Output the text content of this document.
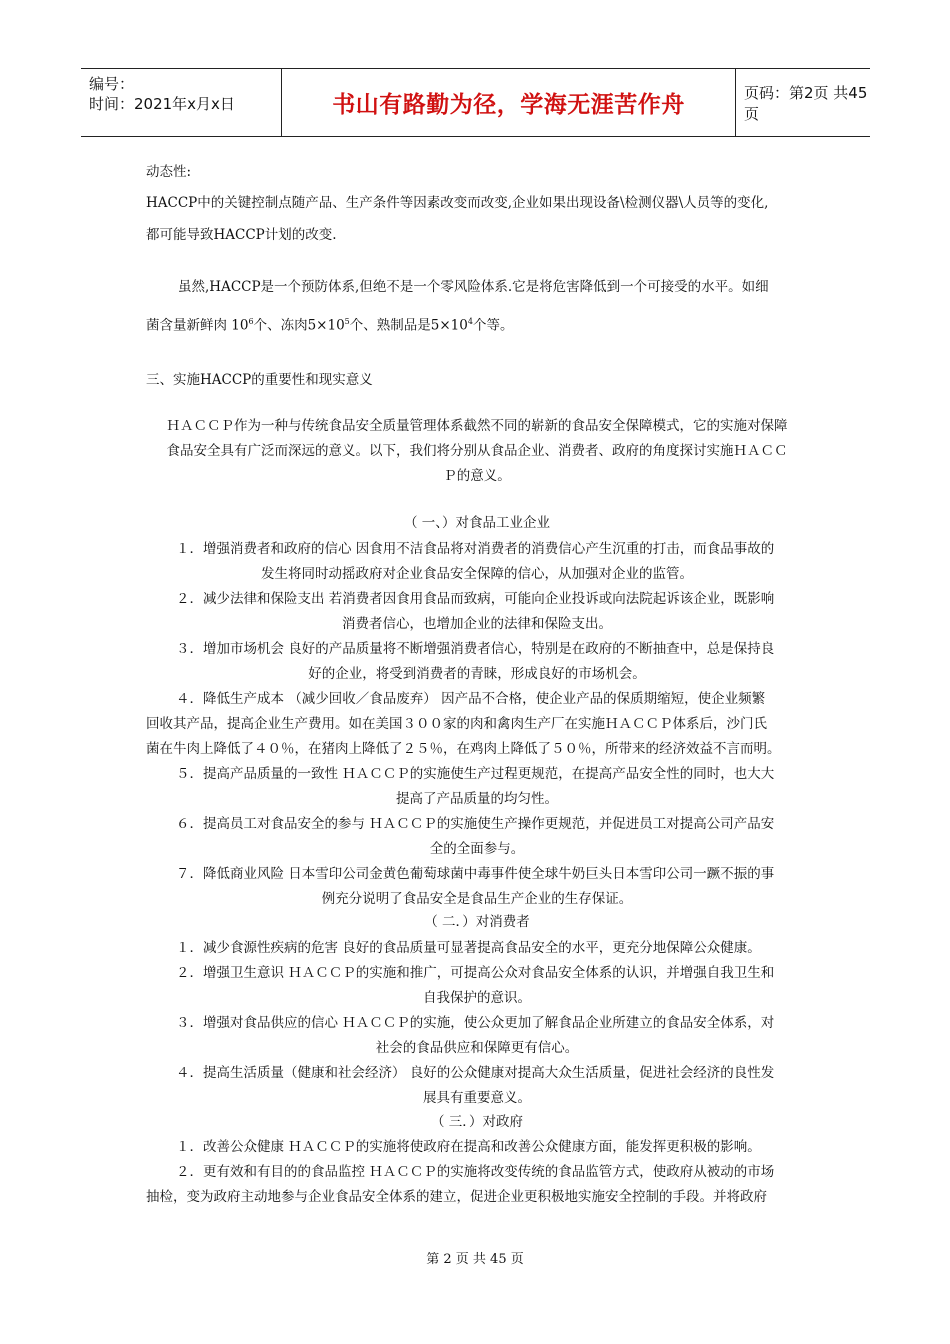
编号：
时间：2021年x月x日	书山有路勤为径，学海无涯苦作舟	页码：第2页 共45页
动态性:
HACCP中的关键控制点随产品、生产条件等因素改变而改变,企业如果出现设备\检测仪器\人员等的变化,
都可能导致HACCP计划的改变.
虽然,HACCP是一个预防体系,但绝不是一个零风险体系.它是将危害降低到一个可接受的水平。如细
菌含量新鲜肉 $10^6$个、冻肉$5\times 10^5$个、熟制品是$5\times 10^4$个等。
三、实施HACCP的重要性和现实意义
ＨＡＣＣＰ作为一种与传统食品安全质量管理体系截然不同的崭新的食品安全保障模式，它的实施对保障
食品安全具有广泛而深远的意义。以下，我们将分别从食品企业、消费者、政府的角度探讨实施ＨＡＣＣ
Ｐ的意义。
（ 一、）对食品工业企业
１．增强消费者和政府的信心 因食用不洁食品将对消费者的消费信心产生沉重的打击，而食品事故的
发生将同时动摇政府对企业食品安全保障的信心，从加强对企业的监管。
２．减少法律和保险支出 若消费者因食用食品而致病，可能向企业投诉或向法院起诉该企业，既影响
消费者信心，也增加企业的法律和保险支出。
３．增加市场机会 良好的产品质量将不断增强消费者信心，特别是在政府的不断抽查中，总是保持良
好的企业，将受到消费者的青睐，形成良好的市场机会。
４．降低生产成本 （减少回收／食品废弃） 因产品不合格，使企业产品的保质期缩短，使企业频繁
回收其产品，提高企业生产费用。如在美国３００家的肉和禽肉生产厂在实施ＨＡＣＣＰ体系后，沙门氏
菌在牛肉上降低了４０％，在猪肉上降低了２５％，在鸡肉上降低了５０％，所带来的经济效益不言而明。
５．提高产品质量的一致性 ＨＡＣＣＰ的实施使生产过程更规范，在提高产品安全性的同时，也大大
提高了产品质量的均匀性。
６．提高员工对食品安全的参与 ＨＡＣＣＰ的实施使生产操作更规范，并促进员工对提高公司产品安
全的全面参与。
７．降低商业风险 日本雪印公司金黄色葡萄球菌中毒事件使全球牛奶巨头日本雪印公司一蹶不振的事
例充分说明了食品安全是食品生产企业的生存保证。
（ 二．）对消费者
１．减少食源性疾病的危害 良好的食品质量可显著提高食品安全的水平，更充分地保障公众健康。
２．增强卫生意识 ＨＡＣＣＰ的实施和推广，可提高公众对食品安全体系的认识，并增强自我卫生和
自我保护的意识。
３．增强对食品供应的信心 ＨＡＣＣＰ的实施，使公众更加了解食品企业所建立的食品安全体系，对
社会的食品供应和保障更有信心。
４．提高生活质量（健康和社会经济） 良好的公众健康对提高大众生活质量，促进社会经济的良性发
展具有重要意义。
（ 三．）对政府
１．改善公众健康 ＨＡＣＣＰ的实施将使政府在提高和改善公众健康方面，能发挥更积极的影响。
２．更有效和有目的的食品监控 ＨＡＣＣＰ的实施将改变传统的食品监管方式，使政府从被动的市场
抽检，变为政府主动地参与企业食品安全体系的建立，促进企业更积极地实施安全控制的手段。并将政府
第 2 页 共 45 页
